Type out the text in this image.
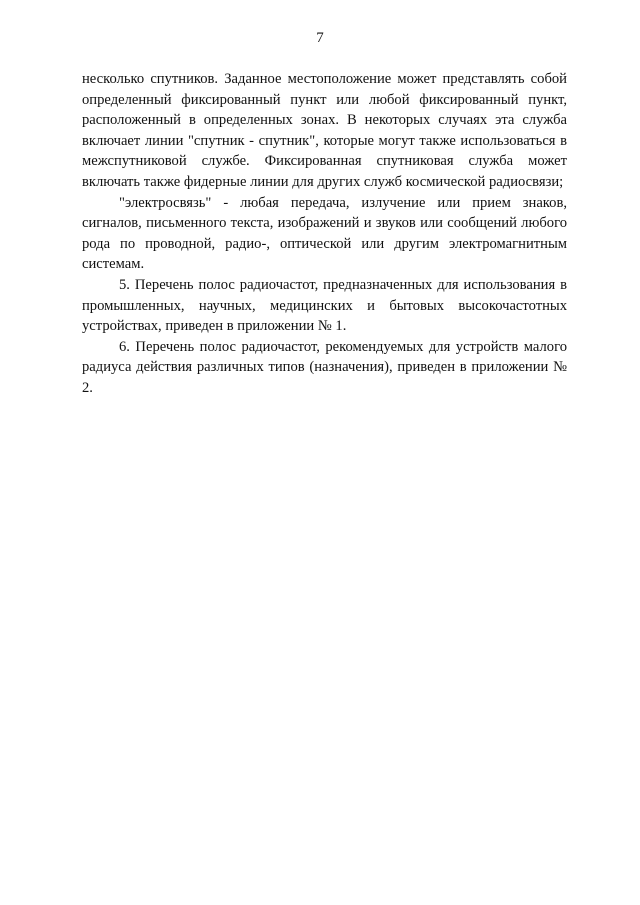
7

несколько спутников. Заданное местоположение может представлять собой определенный фиксированный пункт или любой фиксированный пункт, расположенный в определенных зонах. В некоторых случаях эта служба включает линии "спутник - спутник", которые могут также использоваться в межспутниковой службе. Фиксированная спутниковая служба может включать также фидерные линии для других служб космической радиосвязи;

"электросвязь" - любая передача, излучение или прием знаков, сигналов, письменного текста, изображений и звуков или сообщений любого рода по проводной, радио-, оптической или другим электромагнитным системам.

5. Перечень полос радиочастот, предназначенных для использования в промышленных, научных, медицинских и бытовых высокочастотных устройствах, приведен в приложении № 1.

6. Перечень полос радиочастот, рекомендуемых для устройств малого радиуса действия различных типов (назначения), приведен в приложении № 2.
